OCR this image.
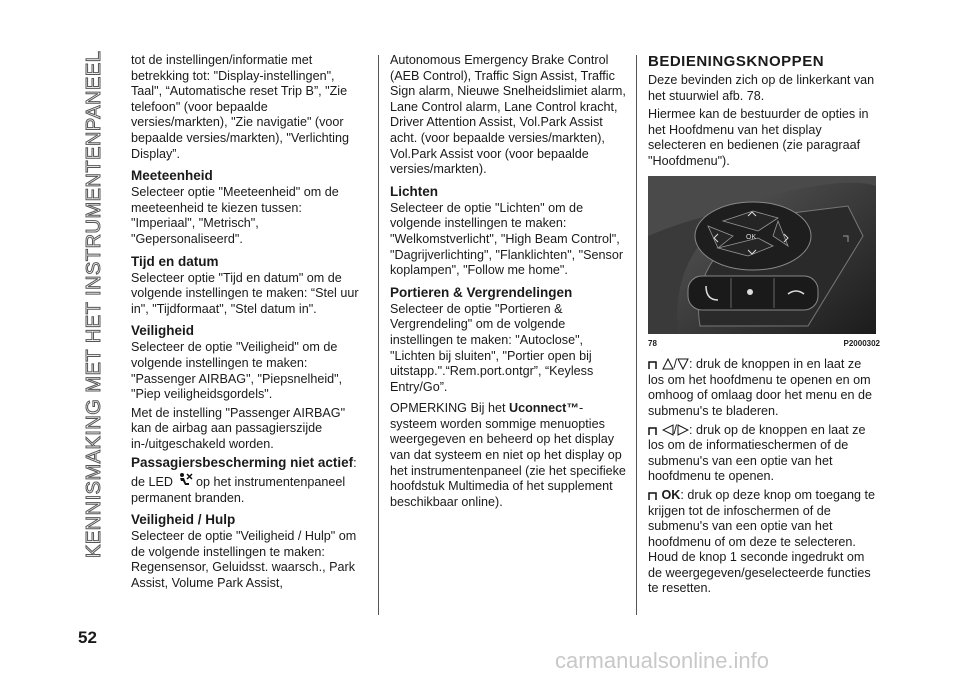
KENNISMAKING MET HET INSTRUMENTENPANEEL
52

tot de instellingen/informatie met betrekking tot: "Display-instellingen", Taal", “Automatische reset Trip B”, "Zie telefoon" (voor bepaalde versies/markten), "Zie navigatie" (voor bepaalde versies/markten), "Verlichting Display”.

Meeteenheid

Selecteer optie "Meeteenheid" om de meeteenheid te kiezen tussen: "Imperiaal", "Metrisch", "Gepersonaliseerd".

Tijd en datum

Selecteer optie "Tijd en datum" om de volgende instellingen te maken: “Stel uur in", "Tijdformaat", "Stel datum in".

Veiligheid

Selecteer de optie "Veiligheid" om de volgende instellingen te maken: "Passenger AIRBAG", "Piepsnelheid", "Piep veiligheidsgordels".

Met de instelling "Passenger AIRBAG" kan de airbag aan passagierszijde in-/uitgeschakeld worden.

Passagiersbescherming niet actief:
de LED op het instrumentenpaneel permanent branden.

Veiligheid / Hulp

Selecteer de optie "Veiligheid / Hulp" om de volgende instellingen te maken: Regensensor, Geluidsst. waarsch., Park Assist, Volume Park Assist,

Autonomous Emergency Brake Control (AEB Control), Traffic Sign Assist, Traffic Sign alarm, Nieuwe Snelheidslimiet alarm, Lane Control alarm, Lane Control kracht, Driver Attention Assist, Vol.Park Assist acht. (voor bepaalde versies/markten), Vol.Park Assist voor (voor bepaalde versies/markten).

Lichten

Selecteer de optie "Lichten" om de volgende instellingen te maken: "Welkomstverlicht", "High Beam Control", "Dagrijverlichting", "Flanklichten", "Sensor koplampen", "Follow me home".

Portieren & Vergrendelingen

Selecteer de optie "Portieren & Vergrendeling" om de volgende instellingen te maken: "Autoclose", "Lichten bij sluiten", "Portier open bij uitstapp.".“Rem.port.ontgr”, “Keyless Entry/Go”.

OPMERKING Bij het Uconnect™-systeem worden sommige menuopties weergegeven en beheerd op het display van dat systeem en niet op het display op het instrumentenpaneel (zie het specifieke hoofdstuk Multimedia of het supplement beschikbaar online).

BEDIENINGSKNOPPEN

Deze bevinden zich op de linkerkant van het stuurwiel afb. 78.

Hiermee kan de bestuurder de opties in het Hoofdmenu van het display selecteren en bedienen (zie paragraaf "Hoofdmenu").

OK
78	P2000302

/ : druk de knoppen in en laat ze los om het hoofdmenu te openen en om omhoog of omlaag door het menu en de submenu's te bladeren.

/ : druk op de knoppen en laat ze los om de informatieschermen of de submenu's van een optie van het hoofdmenu te openen.

OK: druk op deze knop om toegang te krijgen tot de infoschermen of de submenu's van een optie van het hoofdmenu of om deze te selecteren. Houd de knop 1 seconde ingedrukt om de weergegeven/geselecteerde functies te resetten.

carmanualsonline.info
